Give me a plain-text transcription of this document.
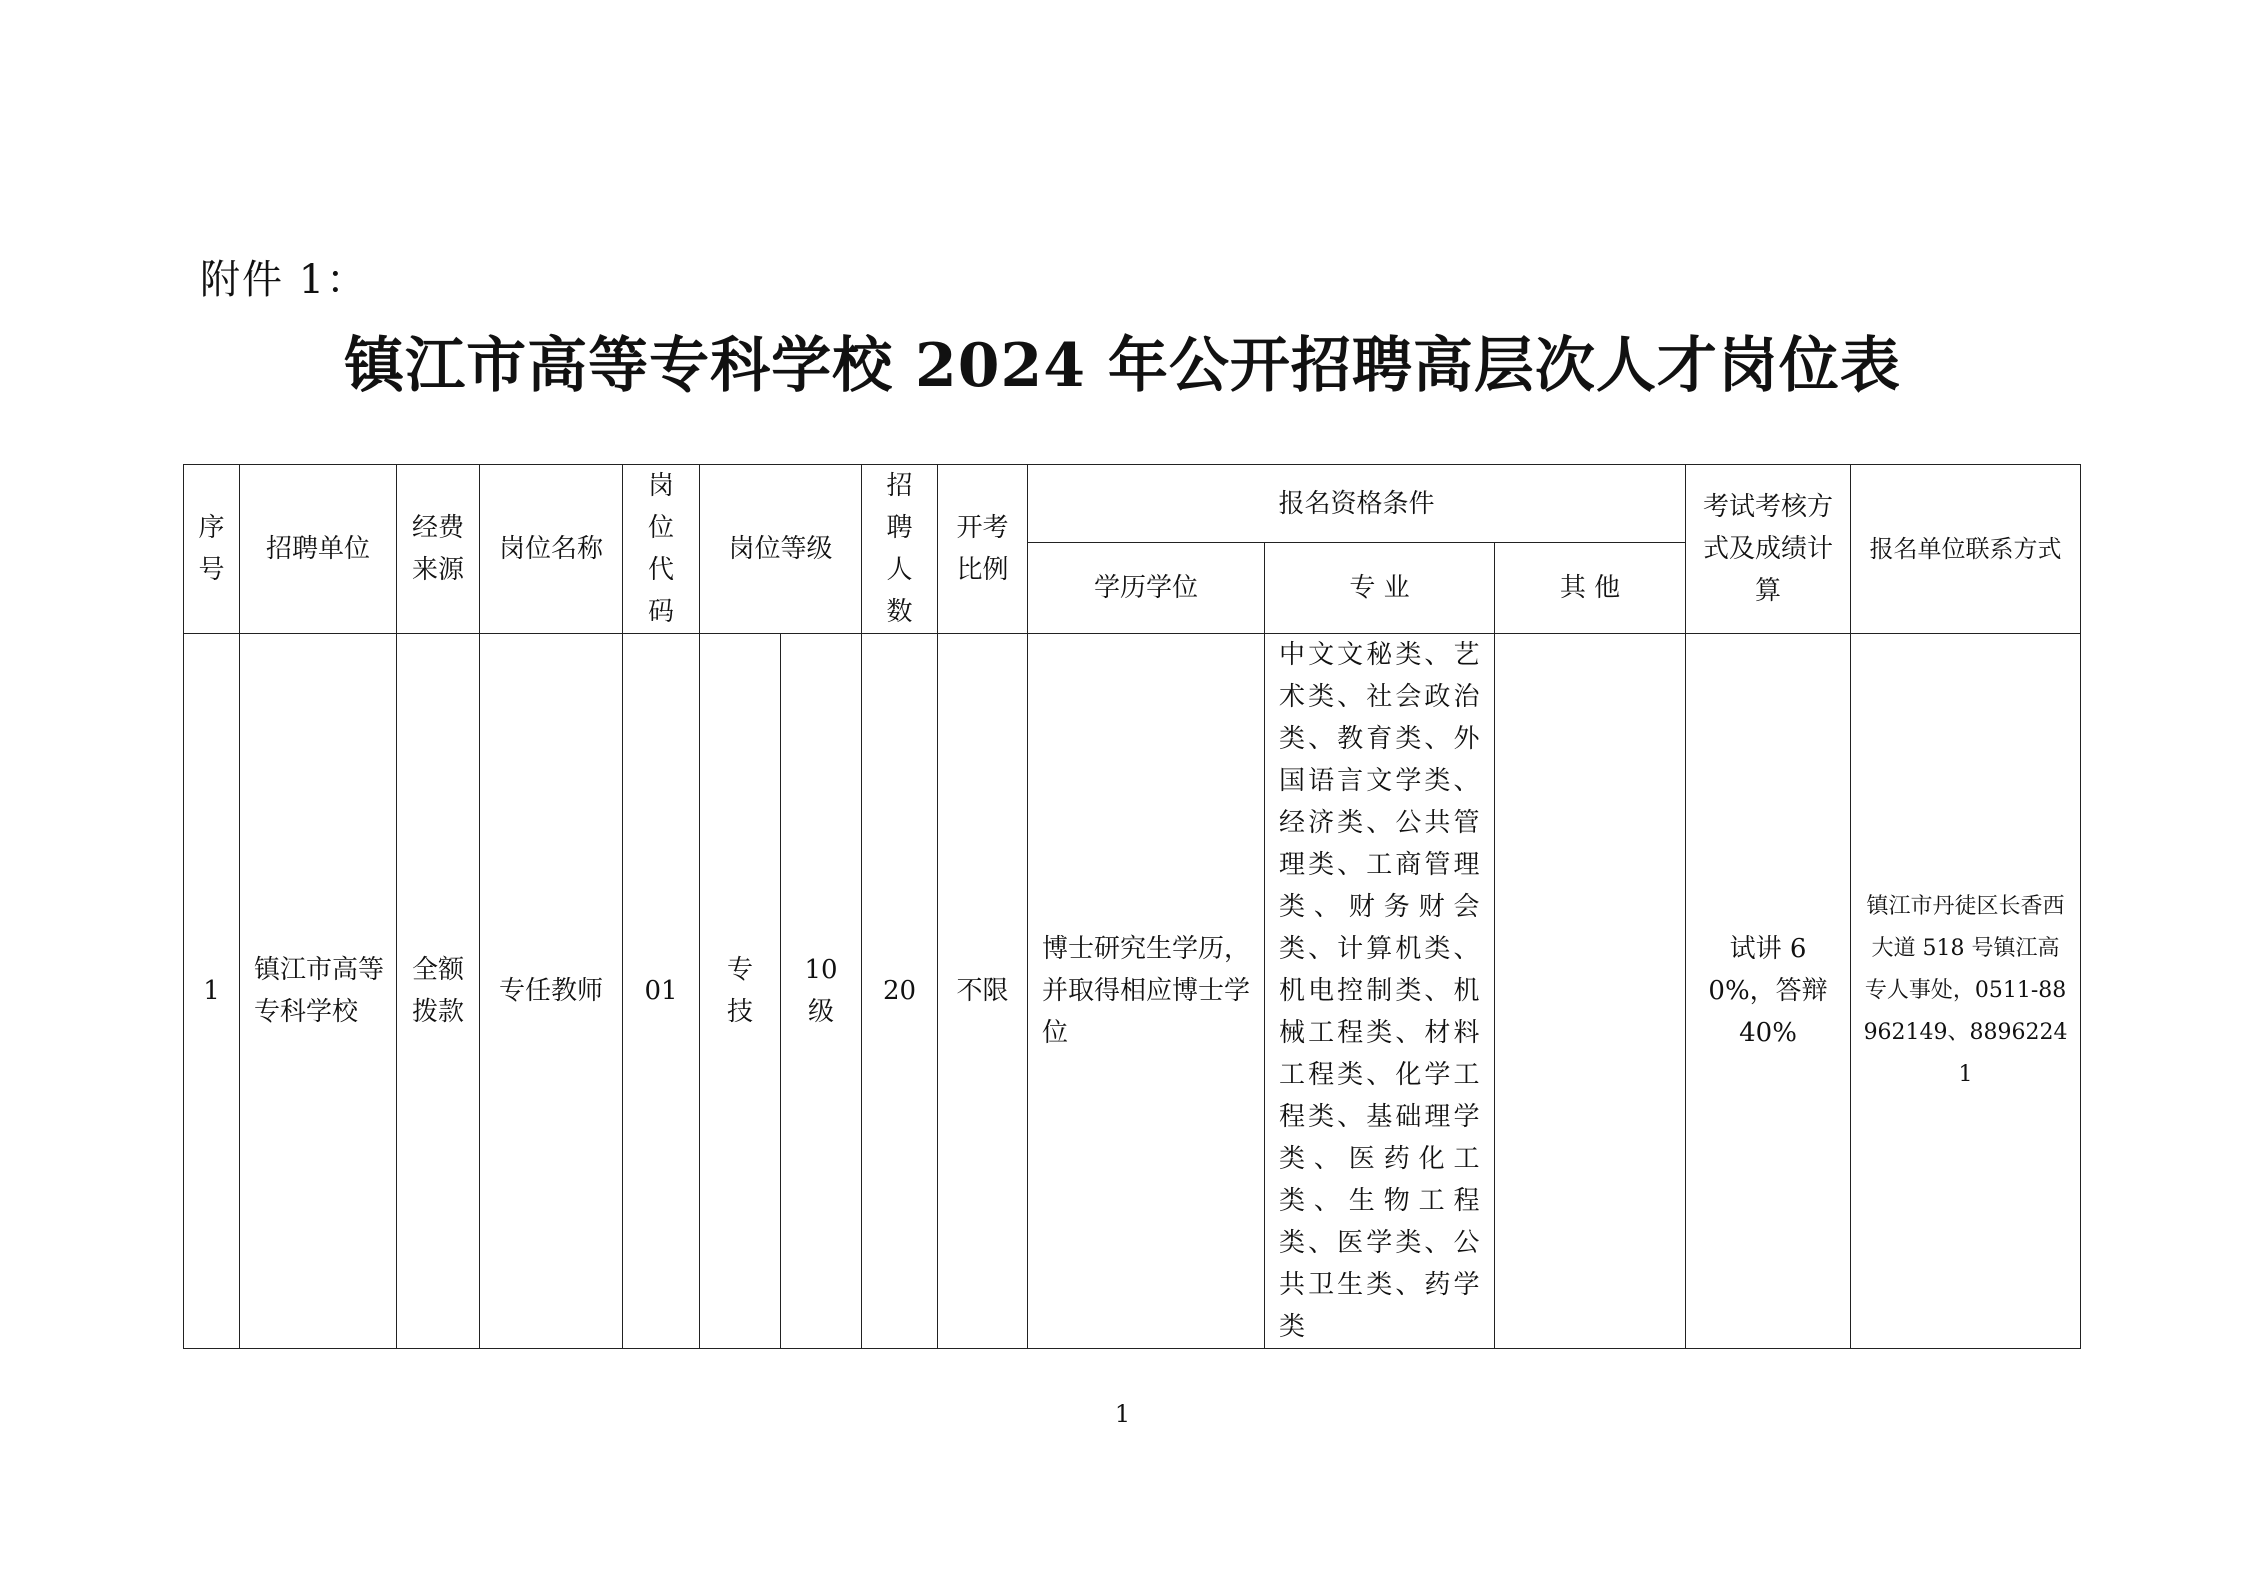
附件 1：
镇江市高等专科学校 2024 年公开招聘高层次人才岗位表
序号	招聘单位	经费来源	岗位名称	岗位代码	岗位等级		招聘人数	开考比例	报名资格条件			考试考核方式及成绩计算	报名单位联系方式
									学历学位	专 业	其 他		
1	镇江市高等专科学校	全额拨款	专任教师	01	专技	10级	20	不限	博士研究生学历，并取得相应博士学位	中文文秘类、艺术类、社会政治类、教育类、外国语言文学类、经济类、公共管理类、工商管理类、财务财会类、计算机类、机电控制类、机械工程类、材料工程类、化学工程类、基础理学类、医药化工类、生物工程类、医学类、公共卫生类、药学类		试讲 60%，答辩 40%	镇江市丹徒区长香西大道 518 号镇江高专人事处，0511-88962149、88962241
1
